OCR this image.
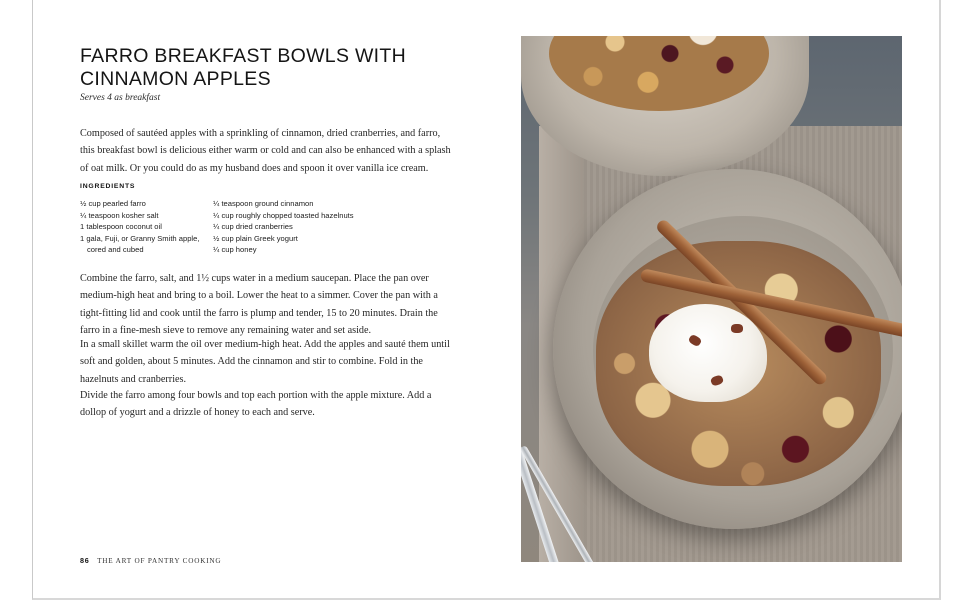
FARRO BREAKFAST BOWLS WITH CINNAMON APPLES
Serves 4 as breakfast

Composed of sautéed apples with a sprinkling of cinnamon, dried cranberries, and farro, this breakfast bowl is delicious either warm or cold and can also be enhanced with a splash of oat milk. Or you could do as my husband does and spoon it over vanilla ice cream.

INGREDIENTS
½ cup pearled farro
¼ teaspoon kosher salt
1 tablespoon coconut oil
1 gala, Fuji, or Granny Smith apple,
cored and cubed
¼ teaspoon ground cinnamon
¼ cup roughly chopped toasted hazelnuts
¼ cup dried cranberries
½ cup plain Greek yogurt
¼ cup honey

Combine the farro, salt, and 1½ cups water in a medium saucepan. Place the pan over medium-high heat and bring to a boil. Lower the heat to a simmer. Cover the pan with a tight-fitting lid and cook until the farro is plump and tender, 15 to 20 minutes. Drain the farro in a fine-mesh sieve to remove any remaining water and set aside.

In a small skillet warm the oil over medium-high heat. Add the apples and sauté them until soft and golden, about 5 minutes. Add the cinnamon and stir to combine. Fold in the hazelnuts and cranberries.

Divide the farro among four bowls and top each portion with the apple mixture. Add a dollop of yogurt and a drizzle of honey to each and serve.

86 THE ART OF PANTRY COOKING
